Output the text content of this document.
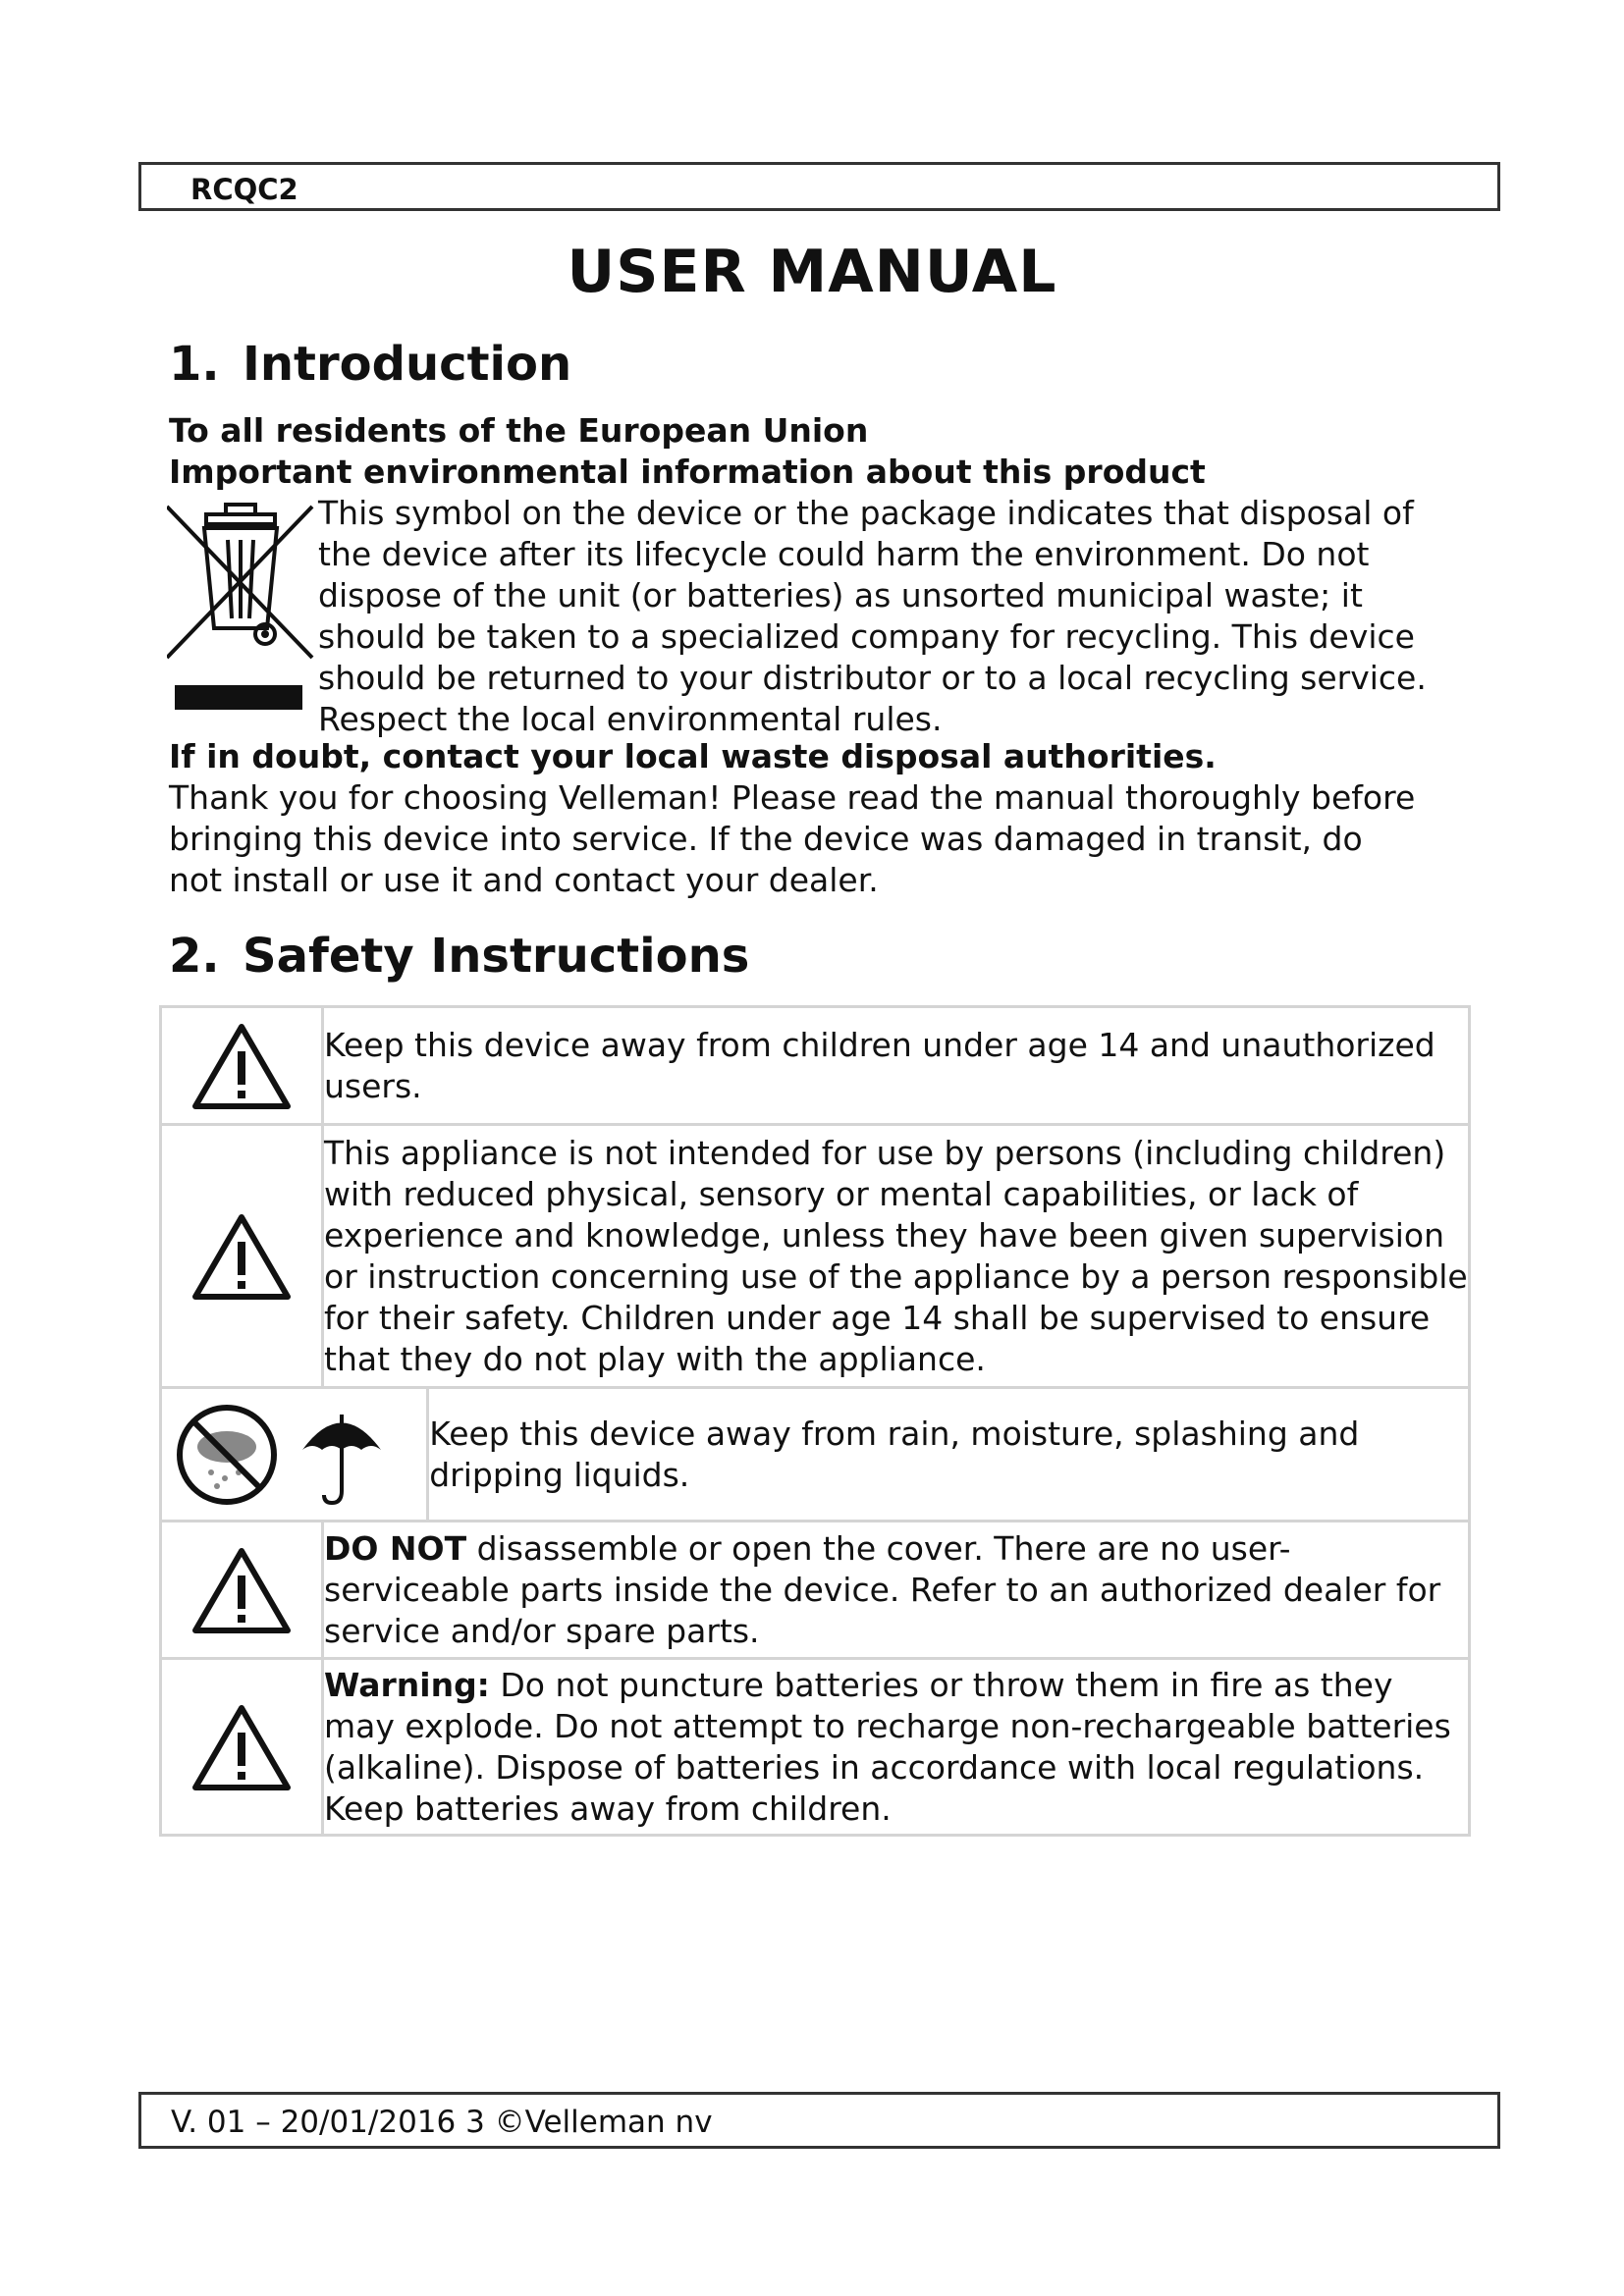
RCQC2
USER MANUAL
1. Introduction
To all residents of the European Union
Important environmental information about this product
This symbol on the device or the package indicates that disposal of the device after its lifecycle could harm the environment. Do not dispose of the unit (or batteries) as unsorted municipal waste; it should be taken to a specialized company for recycling. This device should be returned to your distributor or to a local recycling service. Respect the local environmental rules.
If in doubt, contact your local waste disposal authorities.
Thank you for choosing Velleman! Please read the manual thoroughly before
bringing this device into service. If the device was damaged in transit, do
not install or use it and contact your dealer.
2. Safety Instructions
	Keep this device away from children under age 14 and unauthorized users.	

	This appliance is not intended for use by persons (including children) with reduced physical, sensory or mental capabilities, or lack of experience and knowledge, unless they have been given supervision or instruction concerning use of the appliance by a person responsible for their safety. Children under age 14 shall be supervised to ensure that they do not play with the appliance.	

	Keep this device away from rain, moisture, splashing and dripping liquids.

	DO NOT disassemble or open the cover. There are no user-serviceable parts inside the device. Refer to an authorized dealer for service and/or spare parts.	

	Warning: Do not puncture batteries or throw them in fire as they may explode. Do not attempt to recharge non-rechargeable batteries (alkaline). Dispose of batteries in accordance with local regulations. Keep batteries away from children.	
V. 01 – 20/01/2016 3 ©Velleman nv
